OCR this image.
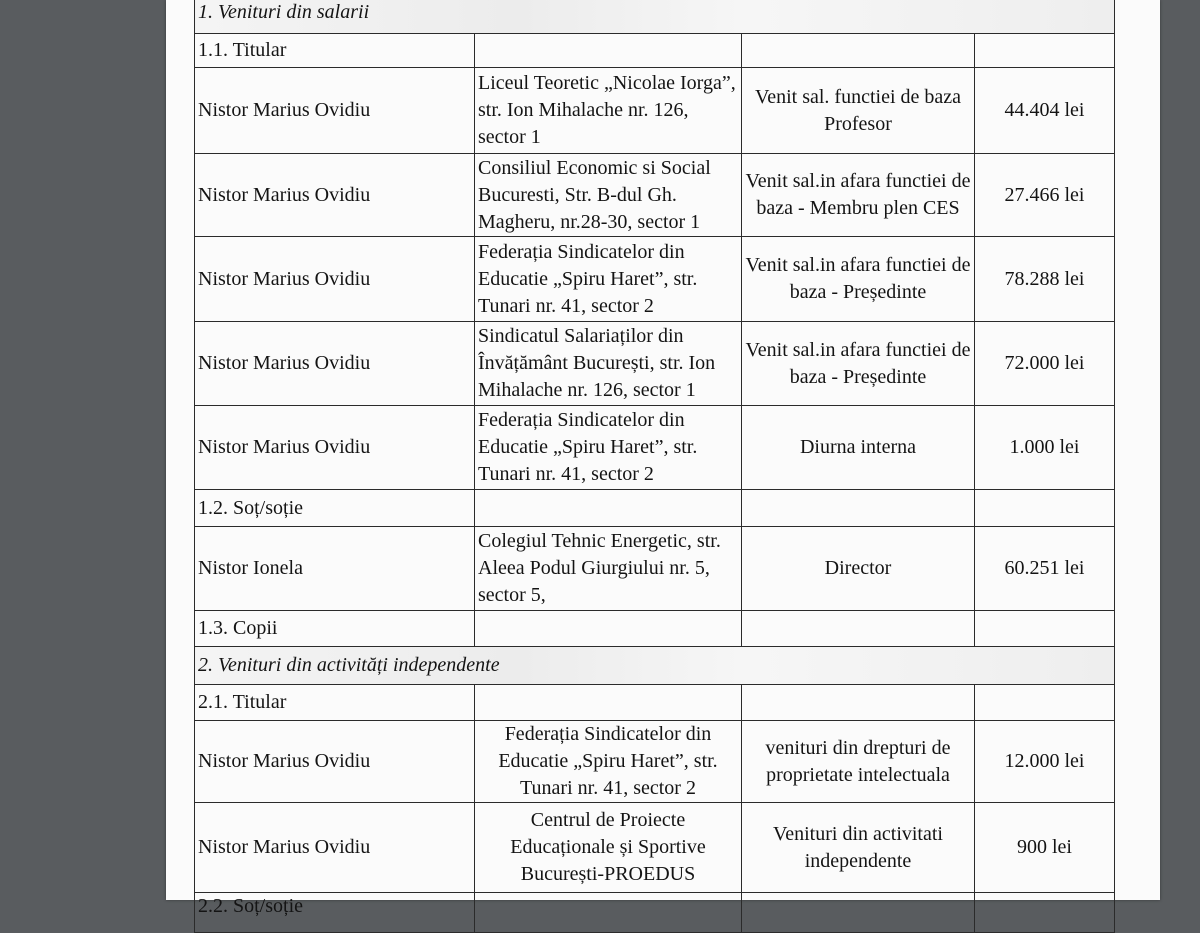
1. Venituri din salarii			
1.1. Titular			
Nistor Marius Ovidiu	Liceul Teoretic „Nicolae Iorga”, str. Ion Mihalache nr. 126, sector 1	Venit sal. functiei de baza Profesor	44.404 lei
Nistor Marius Ovidiu	Consiliul Economic si Social Bucuresti, Str. B-dul Gh. Magheru, nr.28-30, sector 1	Venit sal.in afara functiei de baza - Membru plen CES	27.466 lei
Nistor Marius Ovidiu	Federația Sindicatelor din Educatie „Spiru Haret”, str. Tunari nr. 41, sector 2	Venit sal.in afara functiei de baza - Președinte	78.288 lei
Nistor Marius Ovidiu	Sindicatul Salariaților din Învățământ București, str. Ion Mihalache nr. 126, sector 1	Venit sal.in afara functiei de baza - Președinte	72.000 lei
Nistor Marius Ovidiu	Federația Sindicatelor din Educatie „Spiru Haret”, str. Tunari nr. 41, sector 2	Diurna interna	1.000 lei
1.2. Soț/soție			
Nistor Ionela	Colegiul Tehnic Energetic, str. Aleea Podul Giurgiului nr. 5, sector 5,	Director	60.251 lei
1.3. Copii			
2. Venituri din activități independente			
2.1. Titular			
Nistor Marius Ovidiu	Federația Sindicatelor din Educatie „Spiru Haret”, str. Tunari nr. 41, sector 2	venituri din drepturi de proprietate intelectuala	12.000 lei
Nistor Marius Ovidiu	Centrul de Proiecte Educaționale și Sportive București-PROEDUS	Venituri din activitati independente	900 lei
2.2. Soț/soție			
